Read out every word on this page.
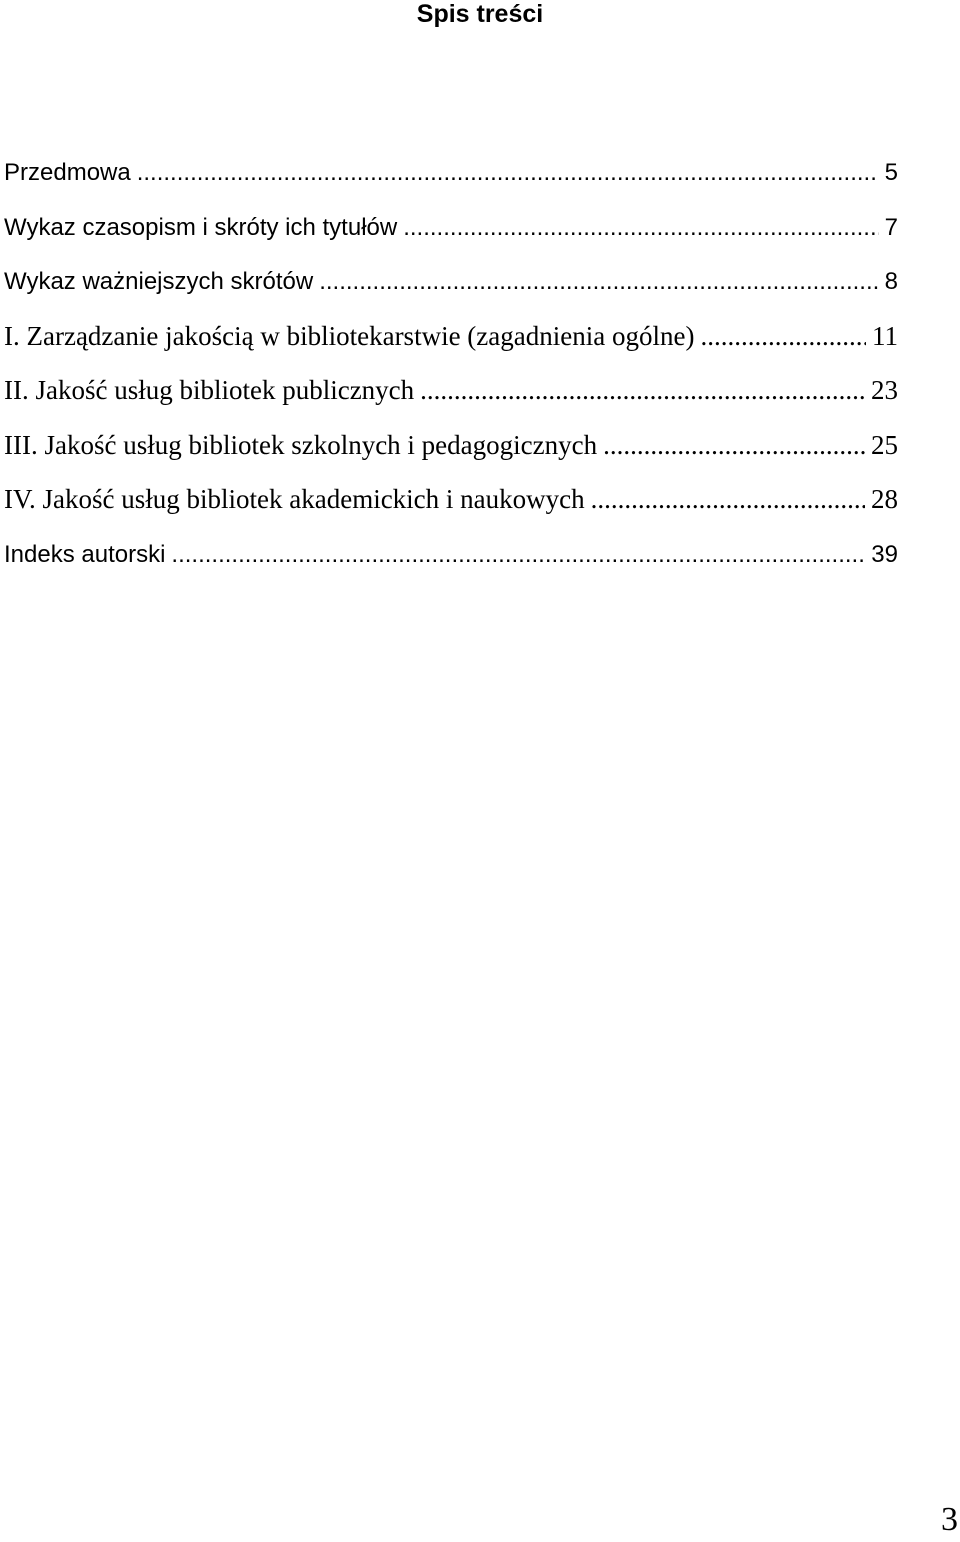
Spis treści
Przedmowa .....	5
Wykaz czasopism i skróty ich tytułów .....	7
Wykaz ważniejszych skrótów .....	8
I. Zarządzanie jakością w bibliotekarstwie (zagadnienia ogólne) .....	11
II. Jakość usług bibliotek publicznych .....	23
III. Jakość usług bibliotek szkolnych i pedagogicznych .....	25
IV. Jakość usług bibliotek akademickich i naukowych .....	28
Indeks autorski .....	39

3
